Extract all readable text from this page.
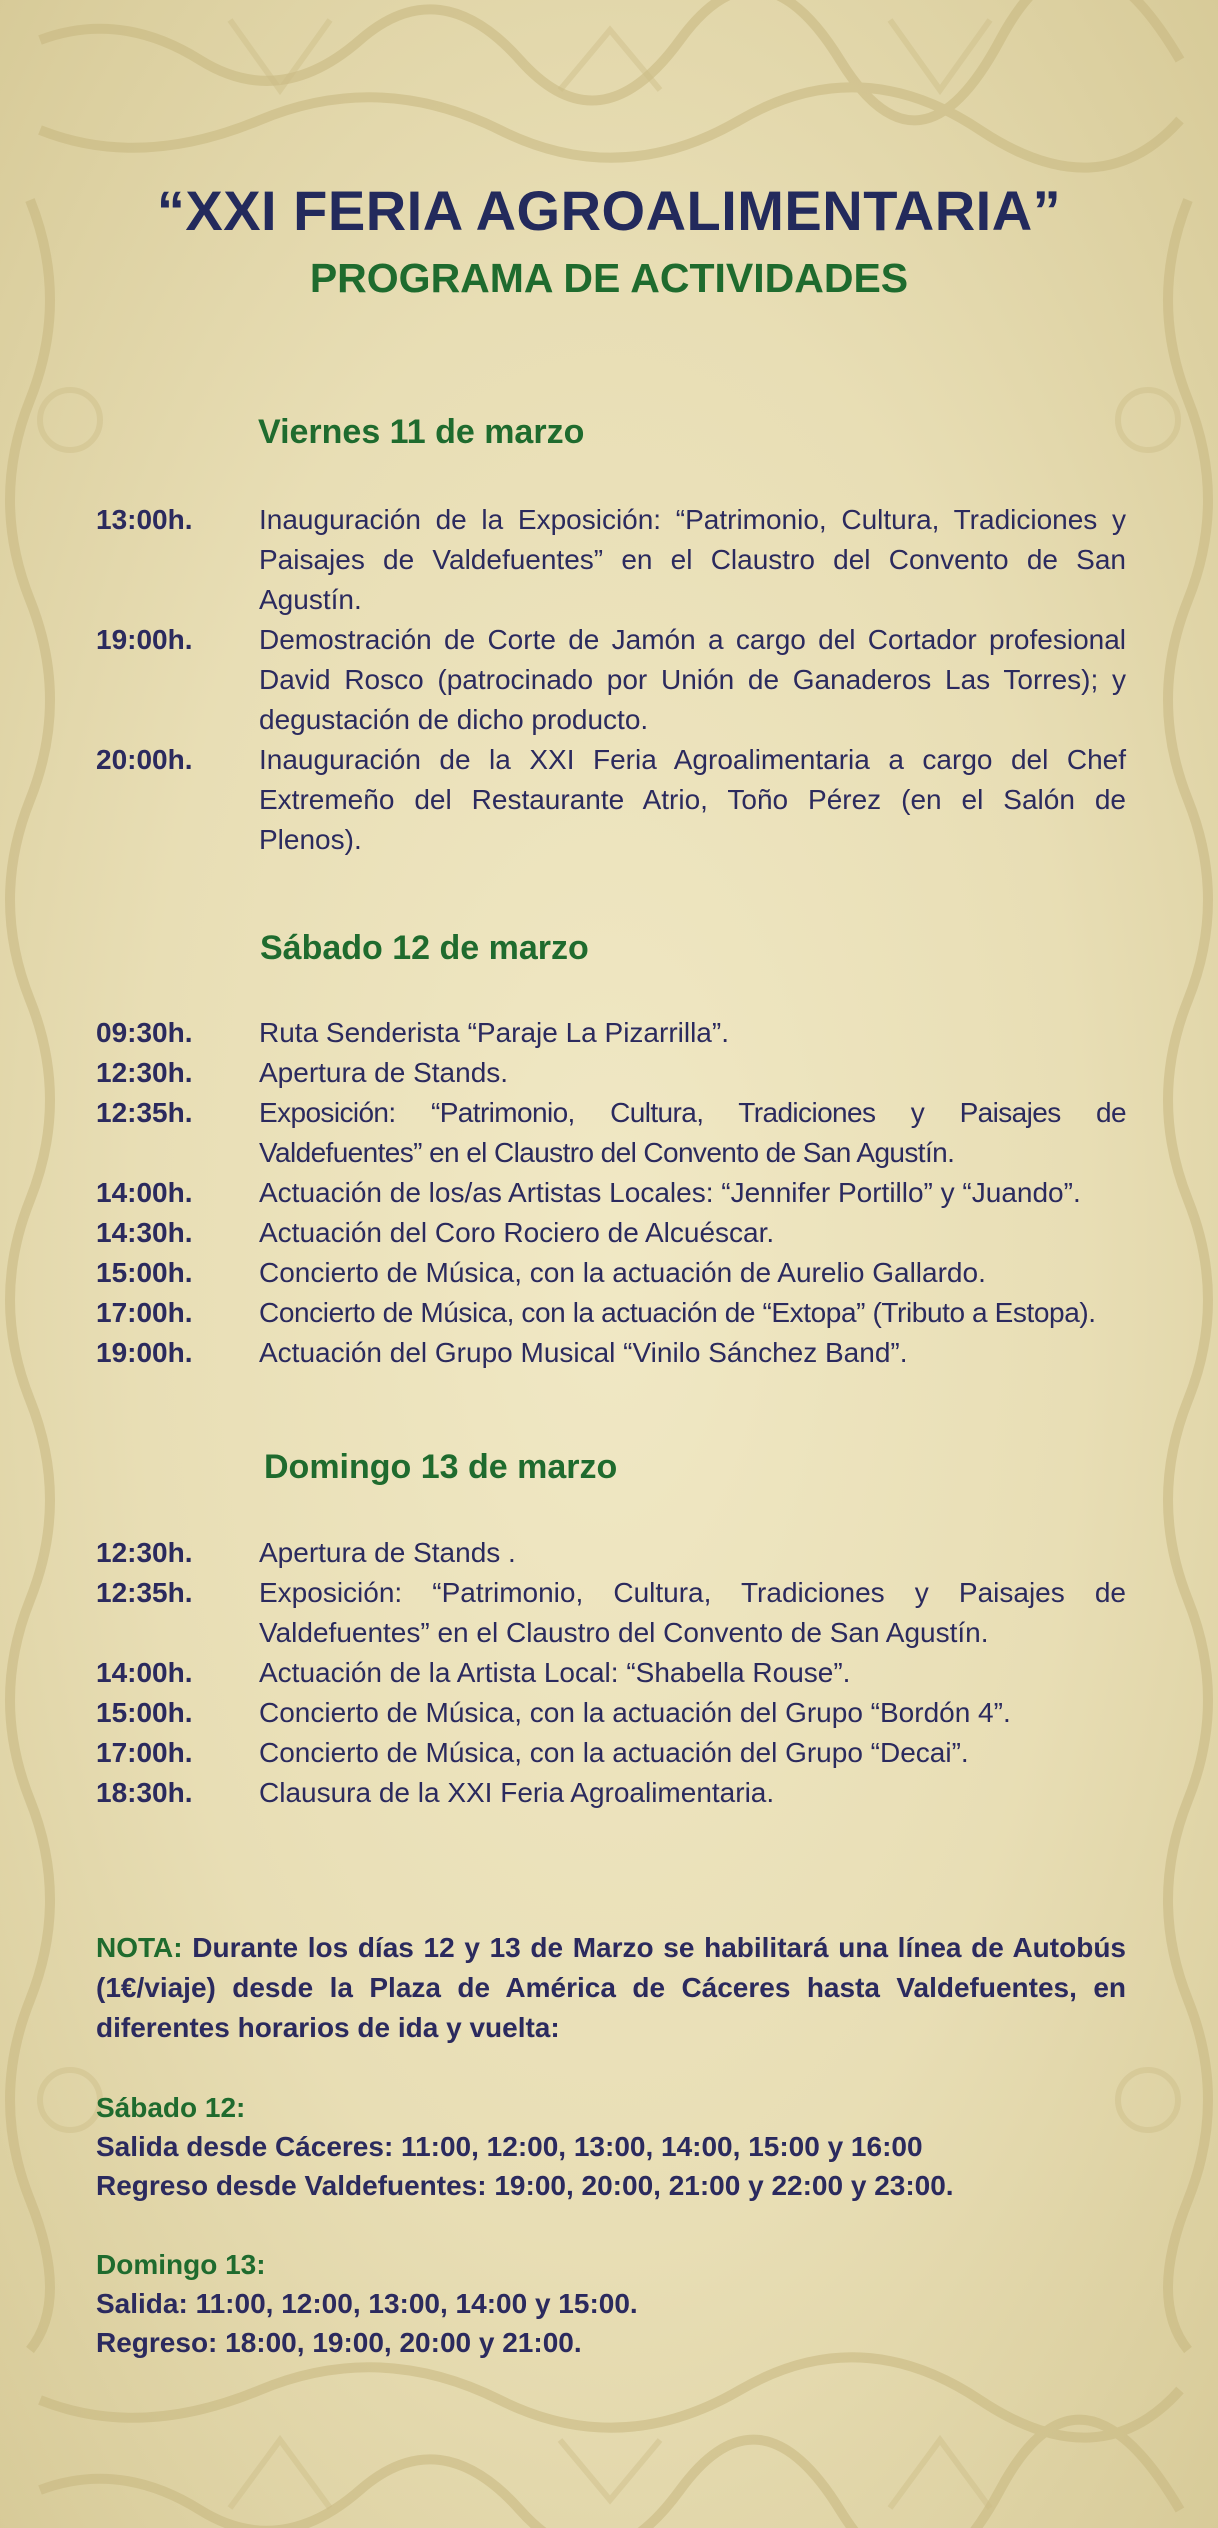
“XXI FERIA AGROALIMENTARIA”
PROGRAMA DE ACTIVIDADES
Viernes 11 de marzo
13:00h.	Inauguración de la Exposición: “Patrimonio, Cultura, Tradiciones y Paisajes de Valdefuentes” en el Claustro del Convento de San Agustín.
19:00h.	Demostración de Corte de Jamón a cargo del Cortador profesional David Rosco (patrocinado por Unión de Ganaderos Las Torres); y degustación de dicho producto.
20:00h.	Inauguración de la XXI Feria Agroalimentaria a cargo del Chef Extremeño del Restaurante Atrio, Toño Pérez (en el Salón de Plenos).
Sábado 12 de marzo
09:30h.	Ruta Senderista “Paraje La Pizarrilla”.
12:30h.	Apertura de Stands.
12:35h.	Exposición: “Patrimonio, Cultura, Tradiciones y Paisajes de Valdefuentes” en el Claustro del Convento de San Agustín.
14:00h.	Actuación de los/as Artistas Locales: “Jennifer Portillo” y “Juando”.
14:30h.	Actuación del Coro Rociero de Alcuéscar.
15:00h.	Concierto de Música, con la actuación de Aurelio Gallardo.
17:00h.	Concierto de Música, con la actuación de “Extopa” (Tributo a Estopa).
19:00h.	Actuación del Grupo Musical “Vinilo Sánchez Band”.
Domingo 13 de marzo
12:30h.	Apertura de Stands .
12:35h.	Exposición: “Patrimonio, Cultura, Tradiciones y Paisajes de Valdefuentes” en el Claustro del Convento de San Agustín.
14:00h.	Actuación de la Artista Local: “Shabella Rouse”.
15:00h.	Concierto de Música, con la actuación del Grupo “Bordón 4”.
17:00h.	Concierto de Música, con la actuación del Grupo “Decai”.
18:30h.	Clausura de la XXI Feria Agroalimentaria.

NOTA: Durante los días 12 y 13 de Marzo se habilitará una línea de Autobús (1€/viaje) desde la Plaza de América de Cáceres hasta Valdefuentes, en diferentes horarios de ida y vuelta:

Sábado 12:
Salida desde Cáceres: 11:00, 12:00, 13:00, 14:00, 15:00 y 16:00
Regreso desde Valdefuentes: 19:00, 20:00, 21:00 y 22:00 y 23:00.
Domingo 13:
Salida: 11:00, 12:00, 13:00, 14:00 y 15:00.
Regreso: 18:00, 19:00, 20:00 y 21:00.
